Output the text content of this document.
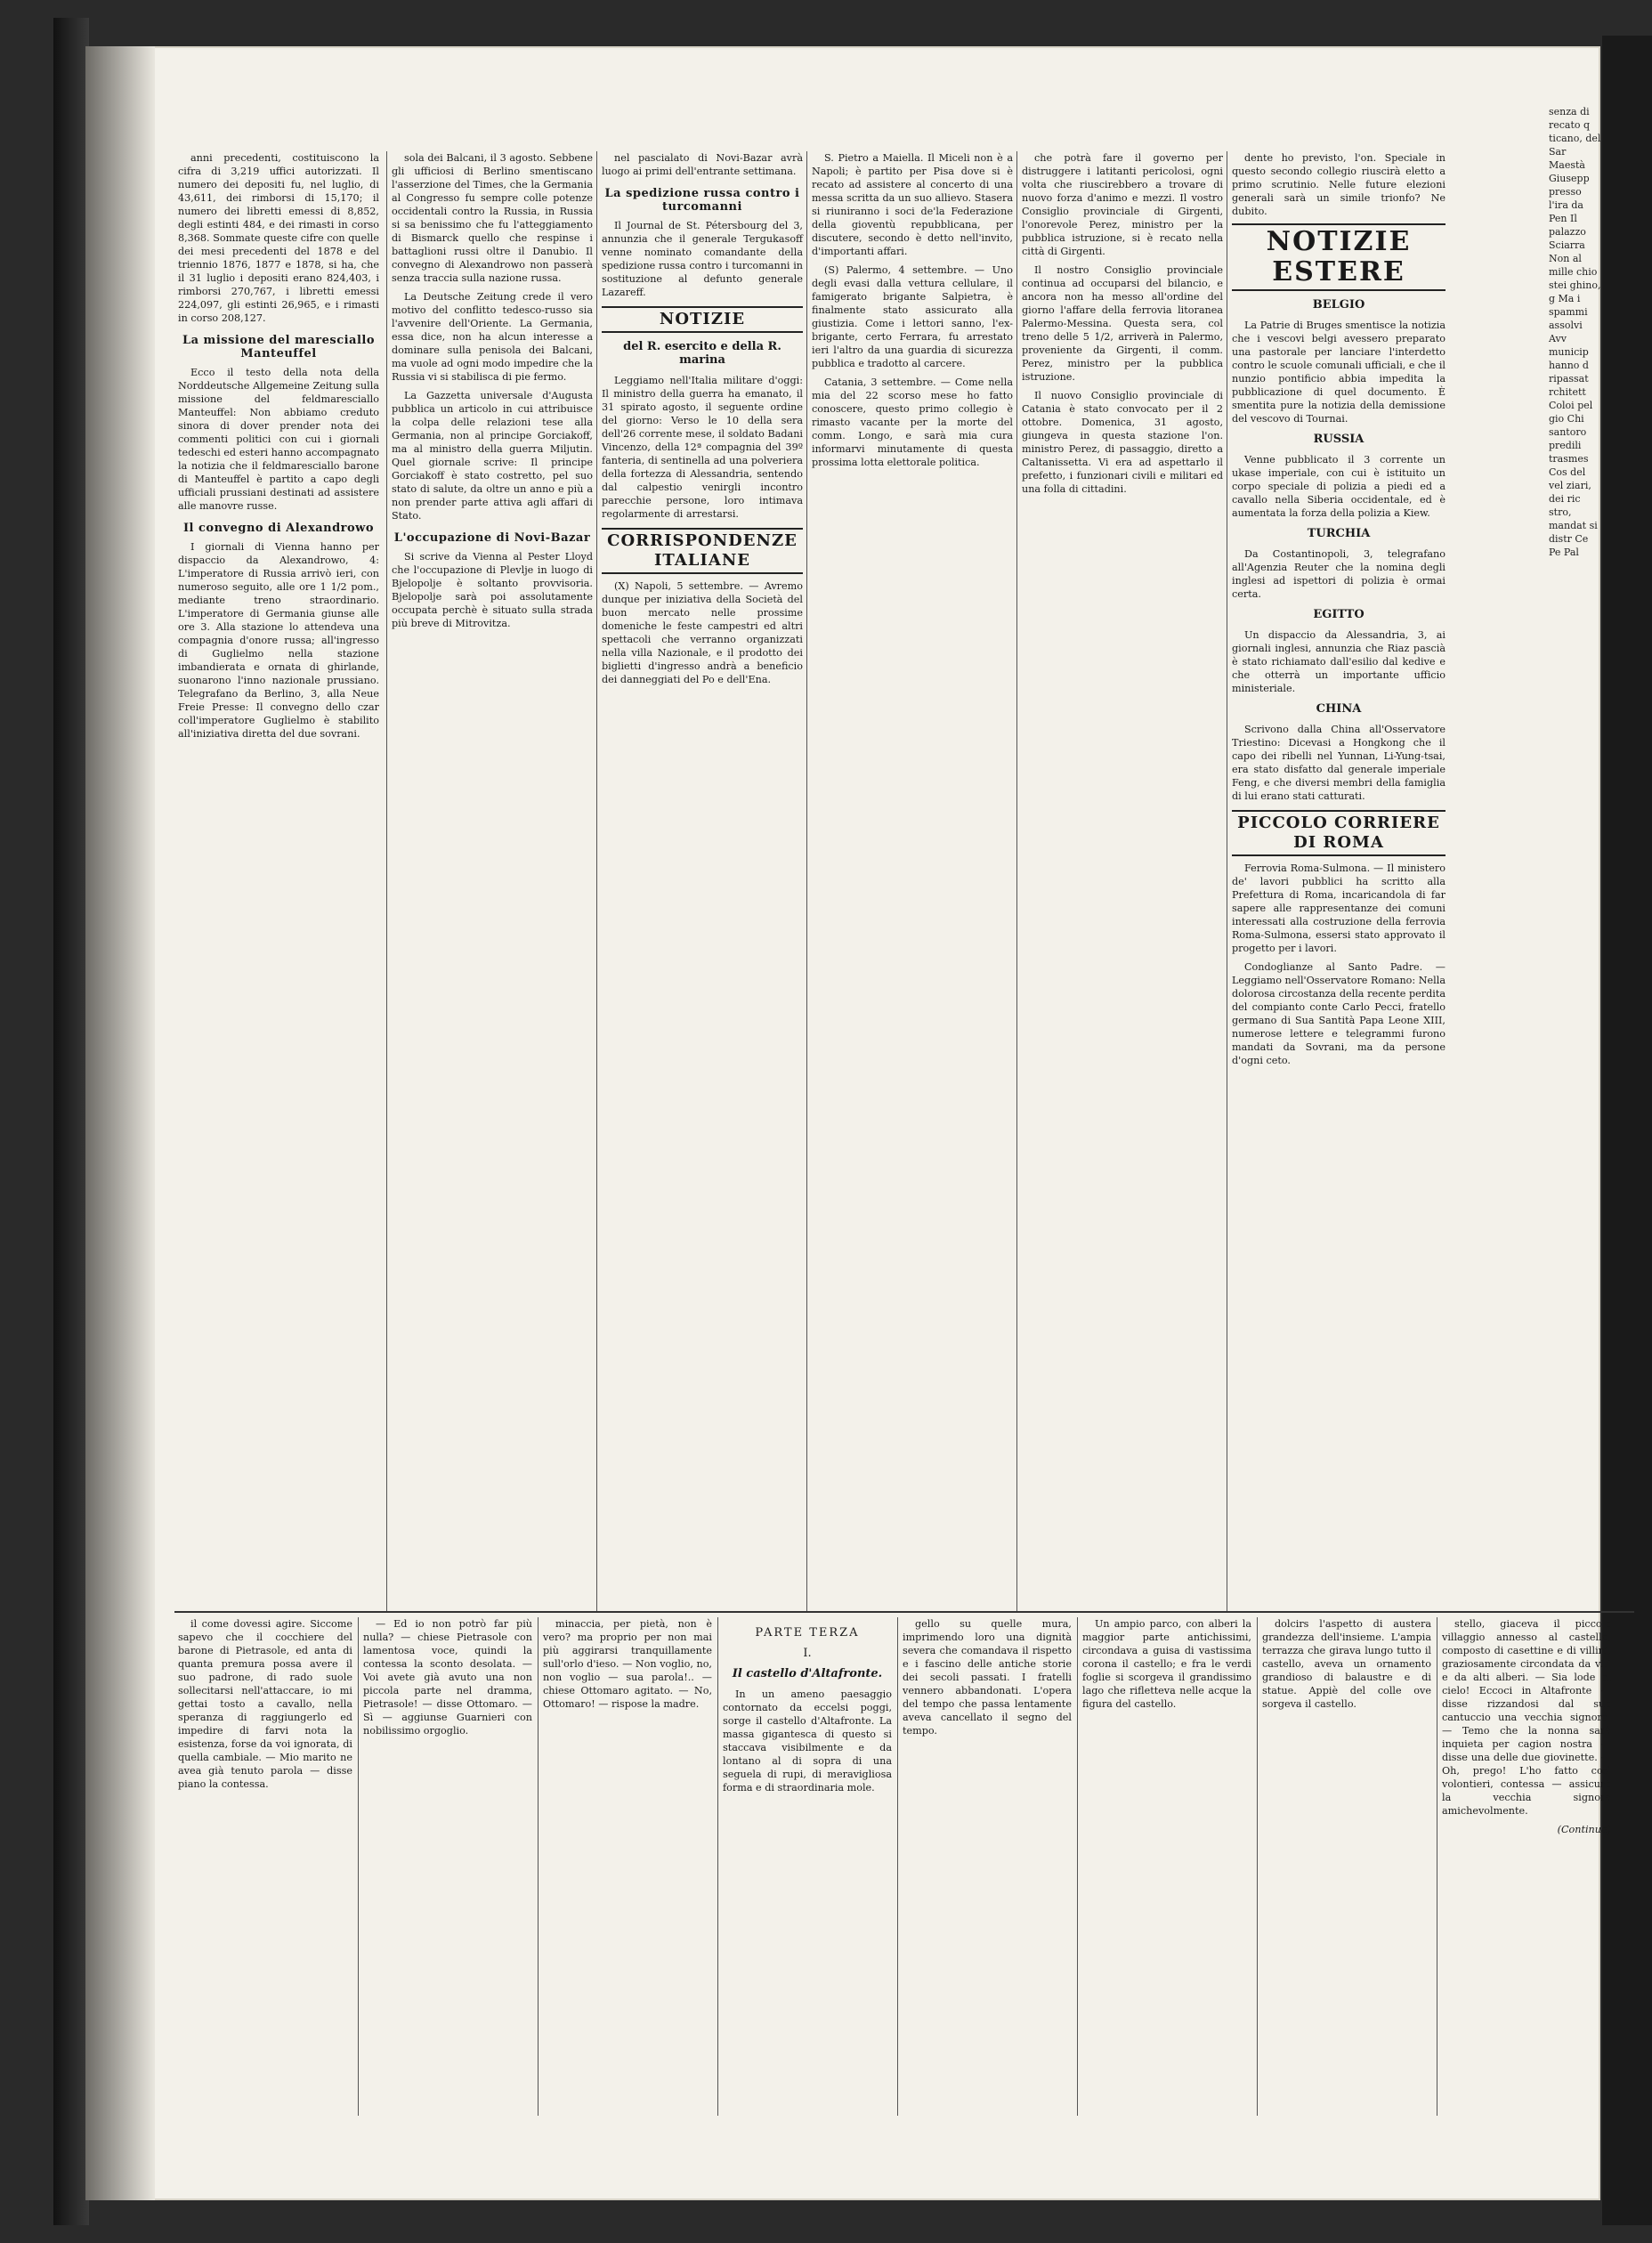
anni precedenti, costituiscono la cifra di 3,219 uffici autorizzati. Il numero dei depositi fu, nel luglio, di 43,611, dei rimborsi di 15,170; il numero dei libretti emessi di 8,852, degli estinti 484, e dei rimasti in corso 8,368. Sommate queste cifre con quelle dei mesi precedenti del 1878 e del triennio 1876, 1877 e 1878, si ha, che il 31 luglio i depositi erano 824,403, i rimborsi 270,767, i libretti emessi 224,097, gli estinti 26,965, e i rimasti in corso 208,127.

La missione del maresciallo Manteuffel

Ecco il testo della nota della Norddeutsche Allgemeine Zeitung sulla missione del feldmaresciallo Manteuffel: Non abbiamo creduto sinora di dover prender nota dei commenti politici con cui i giornali tedeschi ed esteri hanno accompagnato la notizia che il feldmaresciallo barone di Manteuffel è partito a capo degli ufficiali prussiani destinati ad assistere alle manovre russe.

Il convegno di Alexandrowo

I giornali di Vienna hanno per dispaccio da Alexandrowo, 4: L'imperatore di Russia arrivò ieri, con numeroso seguito, alle ore 1 1/2 pom., mediante treno straordinario. L'imperatore di Germania giunse alle ore 3. Alla stazione lo attendeva una compagnia d'onore russa; all'ingresso di Guglielmo nella stazione imbandierata e ornata di ghirlande, suonarono l'inno nazionale prussiano. Telegrafano da Berlino, 3, alla Neue Freie Presse: Il convegno dello czar coll'imperatore Guglielmo è stabilito all'iniziativa diretta del due sovrani.

sola dei Balcani, il 3 agosto. Sebbene gli ufficiosi di Berlino smentiscano l'asserzione del Times, che la Germania al Congresso fu sempre colle potenze occidentali contro la Russia, in Russia si sa benissimo che fu l'atteggiamento di Bismarck quello che respinse i battaglioni russi oltre il Danubio. Il convegno di Alexandrowo non passerà senza traccia sulla nazione russa.

La Deutsche Zeitung crede il vero motivo del conflitto tedesco-russo sia l'avvenire dell'Oriente. La Germania, essa dice, non ha alcun interesse a dominare sulla penisola dei Balcani, ma vuole ad ogni modo impedire che la Russia vi si stabilisca di pie fermo.

La Gazzetta universale d'Augusta pubblica un articolo in cui attribuisce la colpa delle relazioni tese alla Germania, non al principe Gorciakoff, ma al ministro della guerra Miljutin. Quel giornale scrive: Il principe Gorciakoff è stato costretto, pel suo stato di salute, da oltre un anno e più a non prender parte attiva agli affari di Stato.

L'occupazione di Novi-Bazar

Si scrive da Vienna al Pester Lloyd che l'occupazione di Plevlje in luogo di Bjelopolje è soltanto provvisoria. Bjelopolje sarà poi assolutamente occupata perchè è situato sulla strada più breve di Mitrovitza.

nel pascialato di Novi-Bazar avrà luogo ai primi dell'entrante settimana.

La spedizione russa contro i turcomanni

Il Journal de St. Pétersbourg del 3, annunzia che il generale Tergukasoff venne nominato comandante della spedizione russa contro i turcomanni in sostituzione al defunto generale Lazareff.

NOTIZIE
del R. esercito e della R. marina

Leggiamo nell'Italia militare d'oggi: Il ministro della guerra ha emanato, il 31 spirato agosto, il seguente ordine del giorno: Verso le 10 della sera dell'26 corrente mese, il soldato Badani Vincenzo, della 12ª compagnia del 39º fanteria, di sentinella ad una polveriera della fortezza di Alessandria, sentendo dal calpestio venirgli incontro parecchie persone, loro intimava regolarmente di arrestarsi.

CORRISPONDENZE ITALIANE

(X) Napoli, 5 settembre. — Avremo dunque per iniziativa della Società del buon mercato nelle prossime domeniche le feste campestri ed altri spettacoli che verranno organizzati nella villa Nazionale, e il prodotto dei biglietti d'ingresso andrà a beneficio dei danneggiati del Po e dell'Ena.

S. Pietro a Maiella. Il Miceli non è a Napoli; è partito per Pisa dove si è recato ad assistere al concerto di una messa scritta da un suo allievo. Stasera si riuniranno i soci de'la Federazione della gioventù repubblicana, per discutere, secondo è detto nell'invito, d'importanti affari.

(S) Palermo, 4 settembre. — Uno degli evasi dalla vettura cellulare, il famigerato brigante Salpietra, è finalmente stato assicurato alla giustizia. Come i lettori sanno, l'ex-brigante, certo Ferrara, fu arrestato ieri l'altro da una guardia di sicurezza pubblica e tradotto al carcere.

Catania, 3 settembre. — Come nella mia del 22 scorso mese ho fatto conoscere, questo primo collegio è rimasto vacante per la morte del comm. Longo, e sarà mia cura informarvi minutamente di questa prossima lotta elettorale politica.

che potrà fare il governo per distruggere i latitanti pericolosi, ogni volta che riuscirebbero a trovare di nuovo forza d'animo e mezzi. Il vostro Consiglio provinciale di Girgenti, l'onorevole Perez, ministro per la pubblica istruzione, si è recato nella città di Girgenti.

Il nostro Consiglio provinciale continua ad occuparsi del bilancio, e ancora non ha messo all'ordine del giorno l'affare della ferrovia litoranea Palermo-Messina. Questa sera, col treno delle 5 1/2, arriverà in Palermo, proveniente da Girgenti, il comm. Perez, ministro per la pubblica istruzione.

Il nuovo Consiglio provinciale di Catania è stato convocato per il 2 ottobre. Domenica, 31 agosto, giungeva in questa stazione l'on. ministro Perez, di passaggio, diretto a Caltanissetta. Vi era ad aspettarlo il prefetto, i funzionari civili e militari ed una folla di cittadini.

dente ho previsto, l'on. Speciale in questo secondo collegio riuscirà eletto a primo scrutinio. Nelle future elezioni generali sarà un simile trionfo? Ne dubito.

NOTIZIE ESTERE
BELGIO

La Patrie di Bruges smentisce la notizia che i vescovi belgi avessero preparato una pastorale per lanciare l'interdetto contro le scuole comunali ufficiali, e che il nunzio pontificio abbia impedita la pubblicazione di quel documento. È smentita pure la notizia della demissione del vescovo di Tournai.

RUSSIA

Venne pubblicato il 3 corrente un ukase imperiale, con cui è istituito un corpo speciale di polizia a piedi ed a cavallo nella Siberia occidentale, ed è aumentata la forza della polizia a Kiew.

TURCHIA

Da Costantinopoli, 3, telegrafano all'Agenzia Reuter che la nomina degli inglesi ad ispettori di polizia è ormai certa.

EGITTO

Un dispaccio da Alessandria, 3, ai giornali inglesi, annunzia che Riaz pascià è stato richiamato dall'esilio dal kedive e che otterrà un importante ufficio ministeriale.

CHINA

Scrivono dalla China all'Osservatore Triestino: Dicevasi a Hongkong che il capo dei ribelli nel Yunnan, Li-Yung-tsai, era stato disfatto dal generale imperiale Feng, e che diversi membri della famiglia di lui erano stati catturati.

PICCOLO CORRIERE DI ROMA

Ferrovia Roma-Sulmona. — Il ministero de' lavori pubblici ha scritto alla Prefettura di Roma, incaricandola di far sapere alle rappresentanze dei comuni interessati alla costruzione della ferrovia Roma-Sulmona, essersi stato approvato il progetto per i lavori.

Condoglianze al Santo Padre. — Leggiamo nell'Osservatore Romano: Nella dolorosa circostanza della recente perdita del compianto conte Carlo Pecci, fratello germano di Sua Santità Papa Leone XIII, numerose lettere e telegrammi furono mandati da Sovrani, ma da persone d'ogni ceto.

il come dovessi agire. Siccome sapevo che il cocchiere del barone di Pietrasole, ed anta di quanta premura possa avere il suo padrone, di rado suole sollecitarsi nell'attaccare, io mi gettai tosto a cavallo, nella speranza di raggiungerlo ed impedire di farvi nota la esistenza, forse da voi ignorata, di quella cambiale. — Mio marito ne avea già tenuto parola — disse piano la contessa.

— Ed io non potrò far più nulla? — chiese Pietrasole con lamentosa voce, quindi la contessa la sconto desolata. — Voi avete già avuto una non piccola parte nel dramma, Pietrasole! — disse Ottomaro. — Sì — aggiunse Guarnieri con nobilissimo orgoglio.

minaccia, per pietà, non è vero? ma proprio per non mai più aggirarsi tranquillamente sull'orlo d'ieso. — Non voglio, no, non voglio — sua parola!.. — chiese Ottomaro agitato. — No, Ottomaro! — rispose la madre.

PARTE TERZA
I.
Il castello d'Altafronte.

In un ameno paesaggio contornato da eccelsi poggi, sorge il castello d'Altafronte. La massa gigantesca di questo si staccava visibilmente e da lontano al di sopra di una seguela di rupi, di meravigliosa forma e di straordinaria mole.

gello su quelle mura, imprimendo loro una dignità severa che comandava il rispetto e i fascino delle antiche storie dei secoli passati. I fratelli vennero abbandonati. L'opera del tempo che passa lentamente aveva cancellato il segno del tempo.

Un ampio parco, con alberi la maggior parte antichissimi, circondava a guisa di vastissima corona il castello; e fra le verdi foglie si scorgeva il grandissimo lago che rifletteva nelle acque la figura del castello.

dolcirs l'aspetto di austera grandezza dell'insieme. L'ampia terrazza che girava lungo tutto il castello, aveva un ornamento grandioso di balaustre e di statue. Appiè del colle ove sorgeva il castello.

stello, giaceva il piccolo villaggio annesso al castello, composto di casettine e di villini, graziosamente circondata da viti e da alti alberi. — Sia lode al cielo! Eccoci in Altafronte — disse rizzandosi dal suo cantuccio una vecchia signora. — Temo che la nonna sarà inquieta per cagion nostra — disse una delle due giovinette. — Oh, prego! L'ho fatto così volontieri, contessa — assicurò la vecchia signora amichevolmente.

(Continua)
senza di recato q ticano, del Sar Maestà Giusepp presso l'ira da Pen Il palazzo Sciarra Non al mille chio stei ghino, g Ma i spammi assolvi Avv municip hanno d ripassat rchitett Coloi pel gio Chi santoro predili trasmes Cos del vel ziari, dei ric stro, mandat si distr Ce Pe Pal
